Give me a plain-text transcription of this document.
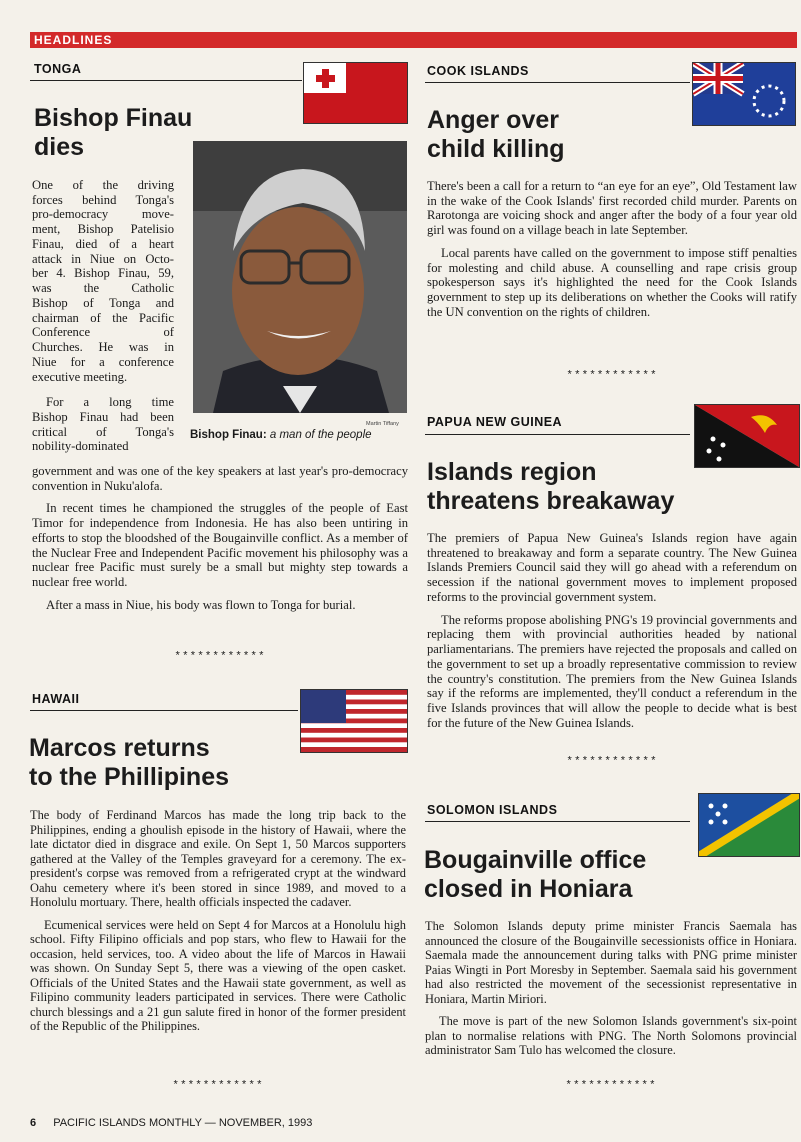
HEADLINES
TONGA
Bishop Finau
dies
One of the driving
forces behind Tonga's
pro-democracy move-
ment, Bishop Patelisio
Finau, died of a heart
attack in Niue on Octo-
ber 4. Bishop Finau, 59,
was the Catholic
Bishop of Tonga and
chairman of the Pacific
Conference of
Churches. He was in
Niue for a conference
executive meeting.
For a long time
Bishop Finau had been
critical of Tonga's
nobility-dominated
Martin Tiffany
Bishop Finau: a man of the people

government and was one of the key speakers at last year's pro-democracy convention in Nuku'alofa.

In recent times he championed the struggles of the people of East Timor for independence from Indonesia. He has also been untiring in efforts to stop the bloodshed of the Bougainville conflict. As a member of the Nuclear Free and Independent Pacific movement his philosophy was a nuclear free Pacific must surely be a small but mighty step towards a nuclear free world.

After a mass in Niue, his body was flown to Tonga for burial.

************
HAWAII
Marcos returns
to the Phillipines

The body of Ferdinand Marcos has made the long trip back to the Philippines, ending a ghoulish episode in the history of Hawaii, where the late dictator died in disgrace and exile. On Sept 1, 50 Marcos supporters gathered at the Valley of the Temples graveyard for a ceremony. The ex-president's corpse was removed from a refrigerated crypt at the windward Oahu cemetery where it's been stored in since 1989, and moved to a Honolulu mortuary. There, health officials inspected the cadaver.

Ecumenical services were held on Sept 4 for Marcos at a Honolulu high school. Fifty Filipino officials and pop stars, who flew to Hawaii for the occasion, held services, too. A video about the life of Marcos in Hawaii was shown. On Sunday Sept 5, there was a viewing of the open casket. Officials of the United States and the Hawaii state government, as well as Filipino community leaders participated in services. There were Catholic church blessings and a 21 gun salute fired in honor of the former president of the Republic of the Philippines.

************
COOK ISLANDS
Anger over
child killing

There's been a call for a return to “an eye for an eye”, Old Testament law in the wake of the Cook Islands' first recorded child murder. Parents on Rarotonga are voicing shock and anger after the body of a four year old girl was found on a village beach in late September.

Local parents have called on the government to impose stiff penalties for molesting and child abuse. A counselling and rape crisis group spokesperson says it's highlighted the need for the Cook Islands government to step up its deliberations on whether the Cooks will ratify the UN convention on the rights of children.

************
PAPUA NEW GUINEA
Islands region
threatens breakaway

The premiers of Papua New Guinea's Islands region have again threatened to breakaway and form a separate country. The New Guinea Islands Premiers Council said they will go ahead with a referendum on secession if the national government moves to implement proposed reforms to the provincial government system.

The reforms propose abolishing PNG's 19 provincial governments and replacing them with provincial authorities headed by national parliamentarians. The premiers have rejected the proposals and called on the government to set up a broadly representative commission to review the country's constitution. The premiers from the New Guinea Islands say if the reforms are implemented, they'll conduct a referendum in the five Islands provinces that will allow the people to decide what is best for the future of the New Guinea Islands.

************
SOLOMON ISLANDS
Bougainville office
closed in Honiara

The Solomon Islands deputy prime minister Francis Saemala has announced the closure of the Bougainville secessionists office in Honiara. Saemala made the announcement during talks with PNG prime minister Paias Wingti in Port Moresby in September. Saemala said his government had also restricted the movement of the secessionist representative in Honiara, Martin Miriori.

The move is part of the new Solomon Islands government's six-point plan to normalise relations with PNG. The North Solomons provincial administrator Sam Tulo has welcomed the closure.

************
6 PACIFIC ISLANDS MONTHLY — NOVEMBER, 1993
